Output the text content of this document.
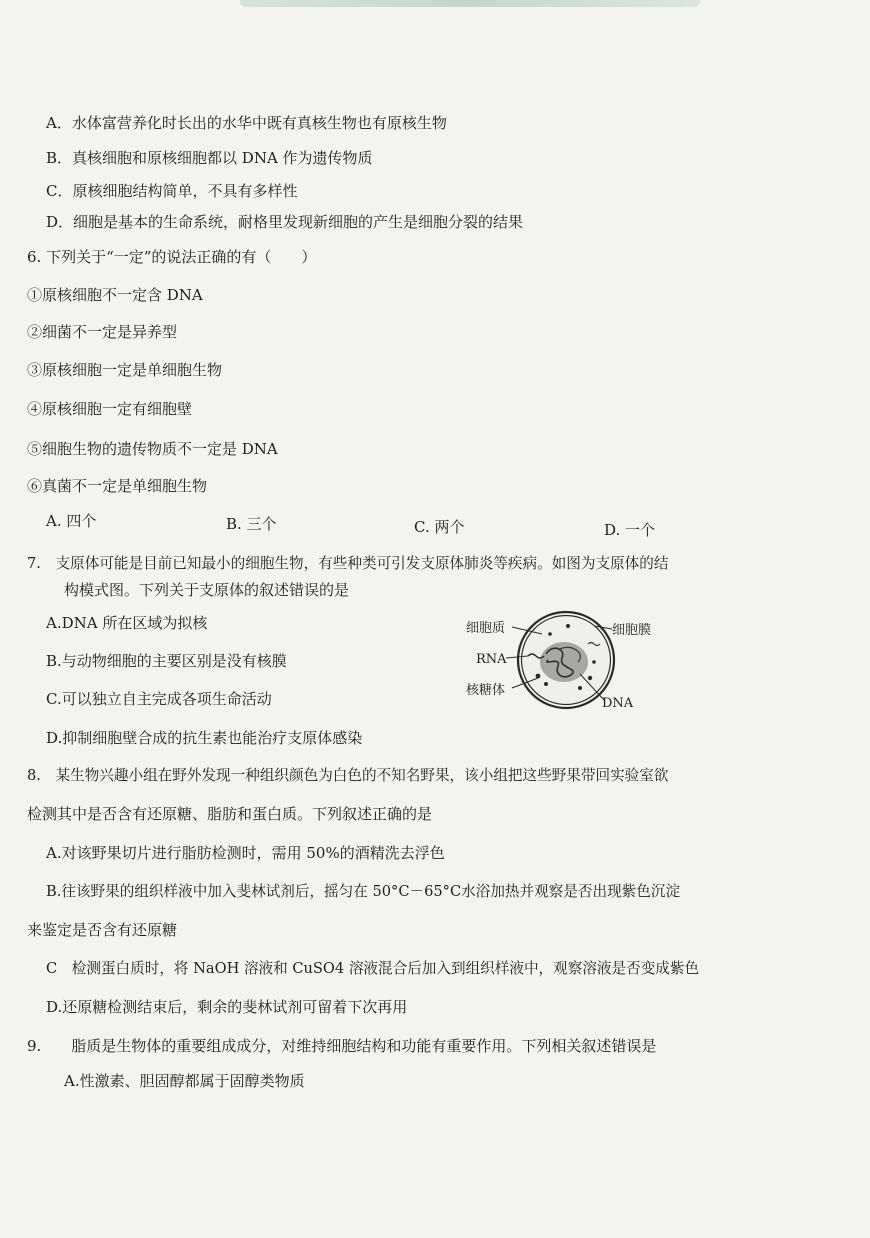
A．水体富营养化时长出的水华中既有真核生物也有原核生物
B．真核细胞和原核细胞都以 DNA 作为遗传物质
C．原核细胞结构简单，不具有多样性
D．细胞是基本的生命系统，耐格里发现新细胞的产生是细胞分裂的结果
6. 下列关于“一定”的说法正确的有（　　）
①原核细胞不一定含 DNA
②细菌不一定是异养型
③原核细胞一定是单细胞生物
④原核细胞一定有细胞壁
⑤细胞生物的遗传物质不一定是 DNA
⑥真菌不一定是单细胞生物
A. 四个	B. 三个	C. 两个	D. 一个
7.　支原体可能是目前已知最小的细胞生物，有些种类可引发支原体肺炎等疾病。如图为支原体的结
构模式图。下列关于支原体的叙述错误的是
A.DNA 所在区域为拟核
B.与动物细胞的主要区别是没有核膜
C.可以独立自主完成各项生命活动
D.抑制细胞壁合成的抗生素也能治疗支原体感染
细胞质	细胞膜
RNA
核糖体
DNA
8.　某生物兴趣小组在野外发现一种组织颜色为白色的不知名野果，该小组把这些野果带回实验室欲
检测其中是否含有还原糖、脂肪和蛋白质。下列叙述正确的是
A.对该野果切片进行脂肪检测时，需用 50%的酒精洗去浮色
B.往该野果的组织样液中加入斐林试剂后，摇匀在 50°C－65°C水浴加热并观察是否出现紫色沉淀
来鉴定是否含有还原糖
C　检测蛋白质时，将 NaOH 溶液和 CuSO4 溶液混合后加入到组织样液中，观察溶液是否变成紫色
D.还原糖检测结束后，剩余的斐林试剂可留着下次再用
9.　　脂质是生物体的重要组成成分，对维持细胞结构和功能有重要作用。下列相关叙述错误是
A.性激素、胆固醇都属于固醇类物质
